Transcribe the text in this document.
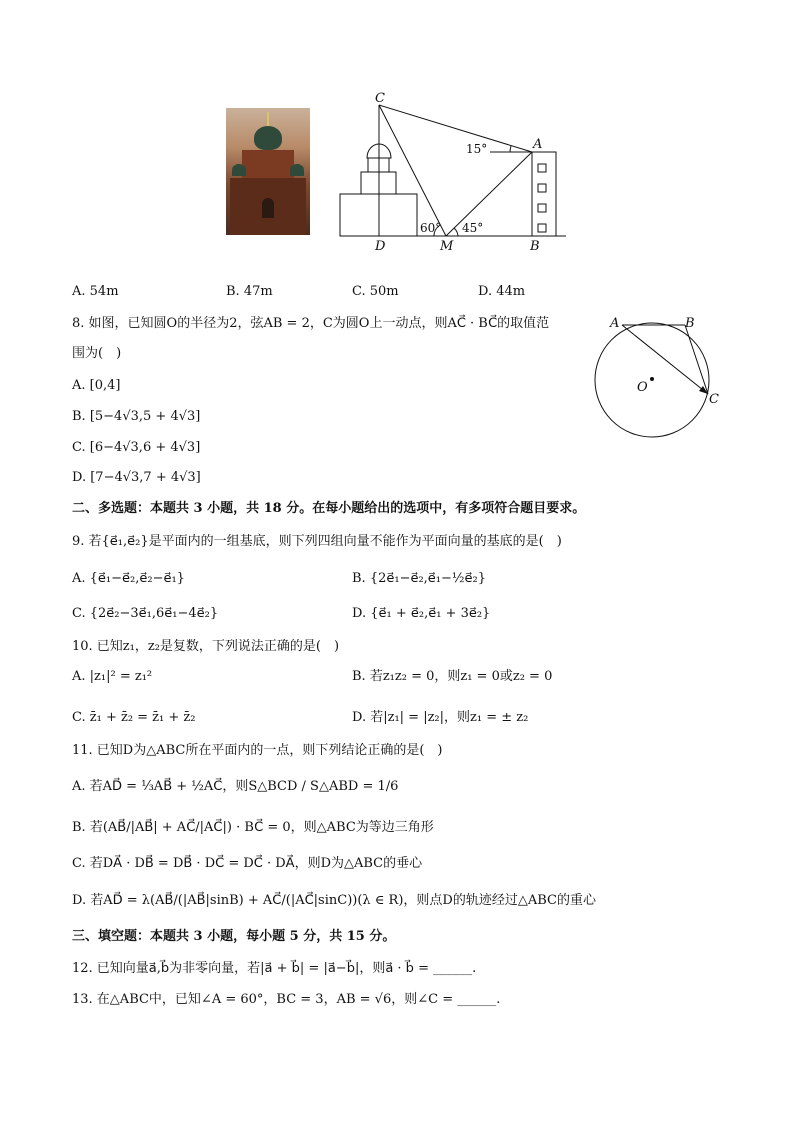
C
A
D	M	B
15°
60° 45°
A. 54m	B. 47m	C. 50m	D. 44m
8. 如图，已知圆O的半径为2，弦AB = 2，C为圆O上一动点，则AC⃗ · BC⃗的取值范
围为(　)
A. [0,4]
B. [5−4√3,5 + 4√3]
C. [6−4√3,6 + 4√3]
D. [7−4√3,7 + 4√3]
A	B
C
O
二、多选题：本题共 3 小题，共 18 分。在每小题给出的选项中，有多项符合题目要求。
9. 若{e⃗₁,e⃗₂}是平面内的一组基底，则下列四组向量不能作为平面向量的基底的是(　)
A. {e⃗₁−e⃗₂,e⃗₂−e⃗₁}	B. {2e⃗₁−e⃗₂,e⃗₁−½e⃗₂}
C. {2e⃗₂−3e⃗₁,6e⃗₁−4e⃗₂}	D. {e⃗₁ + e⃗₂,e⃗₁ + 3e⃗₂}
10. 已知z₁，z₂是复数，下列说法正确的是(　)
A. |z₁|² = z₁²	B. 若z₁z₂ = 0，则z₁ = 0或z₂ = 0
C. z̄₁ + z̄₂ = z̄₁ + z̄₂	D. 若|z₁| = |z₂|，则z₁ = ± z₂
11. 已知D为△ABC所在平面内的一点，则下列结论正确的是(　)
A. 若AD⃗ = ⅓AB⃗ + ½AC⃗，则S△BCD / S△ABD = 1/6
B. 若(AB⃗/|AB⃗| + AC⃗/|AC⃗|) · BC⃗ = 0，则△ABC为等边三角形
C. 若DA⃗ · DB⃗ = DB⃗ · DC⃗ = DC⃗ · DA⃗，则D为△ABC的垂心
D. 若AD⃗ = λ(AB⃗/(|AB⃗|sinB) + AC⃗/(|AC⃗|sinC))(λ ∈ R)，则点D的轨迹经过△ABC的重心
三、填空题：本题共 3 小题，每小题 5 分，共 15 分。
12. 已知向量a⃗,b⃗为非零向量，若|a⃗ + b⃗| = |a⃗−b⃗|，则a⃗ · b⃗ = ______.
13. 在△ABC中，已知∠A = 60°，BC = 3，AB = √6，则∠C = ______.
